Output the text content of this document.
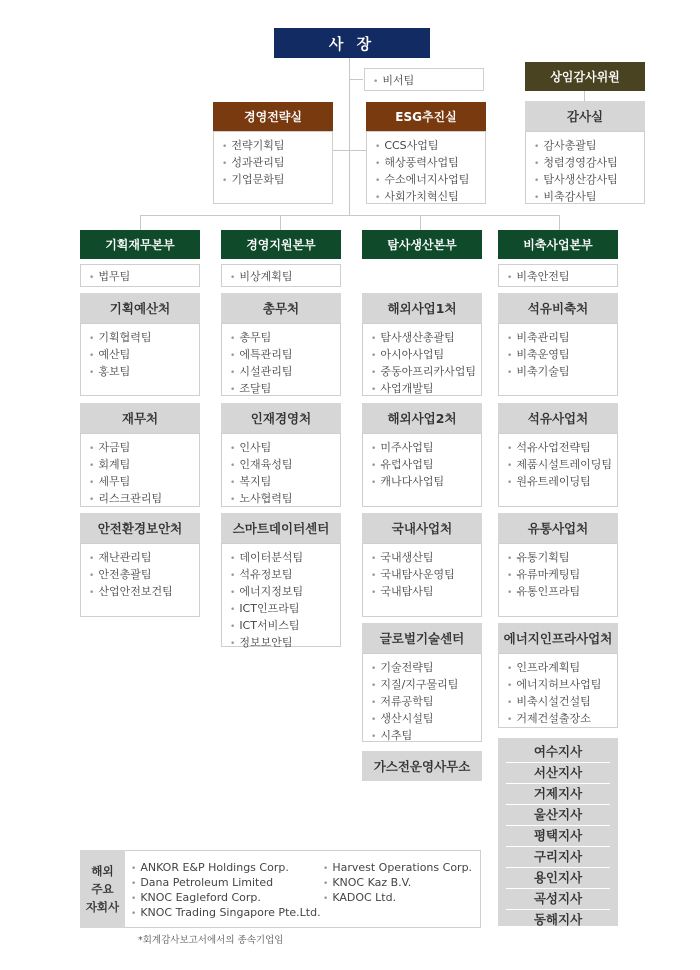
사 장
• 비서팀
경영전략실
• 전략기획팀
• 성과관리팀
• 기업문화팀
ESG추진실
• CCS사업팀
• 해상풍력사업팀
• 수소에너지사업팀
• 사회가치혁신팀
상임감사위원
감사실
• 감사총괄팀
• 청렴경영감사팀
• 탐사생산감사팀
• 비축감사팀
기획재무본부
• 법무팀
기획예산처
• 기획협력팀
• 예산팀
• 홍보팀
재무처
• 자금팀
• 회계팀
• 세무팀
• 리스크관리팀
안전환경보안처
• 재난관리팀
• 안전총괄팀
• 산업안전보건팀
경영지원본부
• 비상계획팀
총무처
• 총무팀
• 에특관리팀
• 시설관리팀
• 조달팀
인재경영처
• 인사팀
• 인재육성팀
• 복지팀
• 노사협력팀
스마트데이터센터
• 데이터분석팀
• 석유정보팀
• 에너지정보팀
• ICT인프라팀
• ICT서비스팀
• 정보보안팀
탐사생산본부
해외사업1처
• 탐사생산총괄팀
• 아시아사업팀
• 중동아프리카사업팀
• 사업개발팀
해외사업2처
• 미주사업팀
• 유럽사업팀
• 캐나다사업팀
국내사업처
• 국내생산팀
• 국내탐사운영팀
• 국내탐사팀
글로벌기술센터
• 기술전략팀
• 지질/지구물리팀
• 저류공학팀
• 생산시설팀
• 시추팀
가스전운영사무소
비축사업본부
• 비축안전팀
석유비축처
• 비축관리팀
• 비축운영팀
• 비축기술팀
석유사업처
• 석유사업전략팀
• 제품시설트레이딩팀
• 원유트레이딩팀
유통사업처
• 유통기획팀
• 유류마케팅팀
• 유통인프라팀
에너지인프라사업처
• 인프라계획팀
• 에너지허브사업팀
• 비축시설건설팀
• 거제건설출장소
여수지사
서산지사
거제지사
울산지사
평택지사
구리지사
용인지사
곡성지사
동해지사
해외
주요
자회사
• ANKOR E&P Holdings Corp.
• Dana Petroleum Limited
• KNOC Eagleford Corp.
• KNOC Trading Singapore Pte.Ltd.
• Harvest Operations Corp.
• KNOC Kaz B.V.
• KADOC Ltd.
*회계감사보고서에서의 종속기업임
